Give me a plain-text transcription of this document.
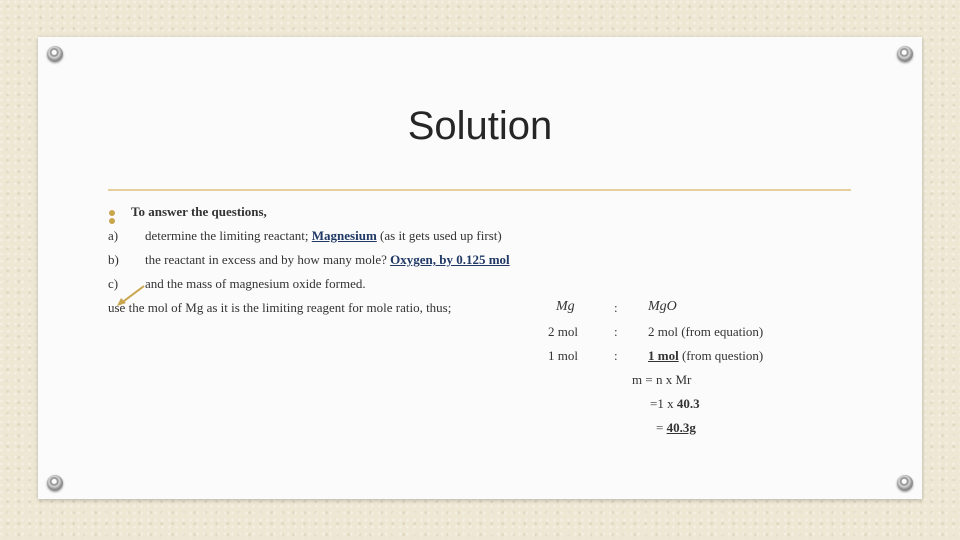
Solution
To answer the questions,
a) determine the limiting reactant; Magnesium (as it gets used up first)
b) the reactant in excess and by how many mole? Oxygen, by 0.125 mol
c) and the mass of magnesium oxide formed.
use the mol of Mg as it is the limiting reagent for mole ratio, thus;	Mg	: MgO
2 mol	: 2 mol (from equation)
1 mol	: 1 mol (from question)
m = n x Mr
=1 x 40.3
= 40.3g
